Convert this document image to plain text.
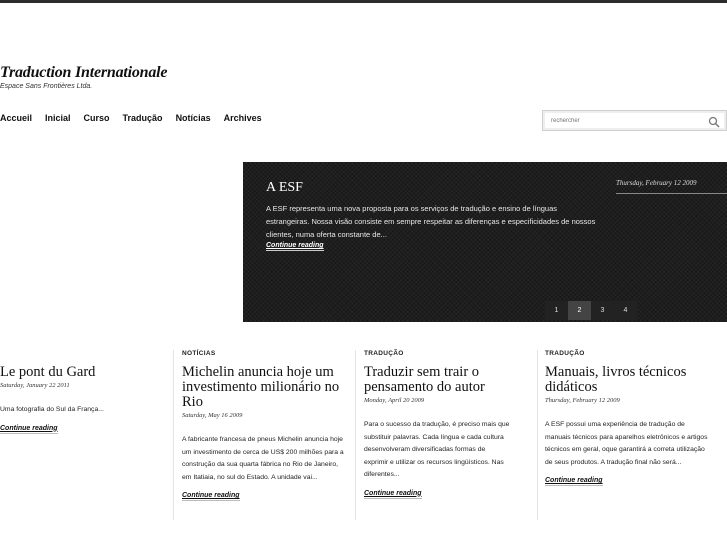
Traduction Internationale
Espace Sans Frontières Ltda.
Accueil Inicial Curso Tradução Notícias Archives
rechercher
A ESF	Thursday, February 12 2009
A ESF representa uma nova proposta para os serviços de tradução e ensino de línguas estrangeiras. Nossa visão consiste em sempre respeitar as diferenças e especificidades de nossos clientes, numa oferta constante de...
Continue reading
1	2	3	4
Le pont du Gard
Saturday, January 22 2011
Uma fotografia do Sul da França...
Continue reading
NOTÍCIAS
Michelin anuncia hoje um investimento milionário no Rio
Saturday, May 16 2009
A fabricante francesa de pneus Michelin anuncia hoje um investimento de cerca de US$ 200 milhões para a construção da sua quarta fábrica no Rio de Janeiro, em Itatiaia, no sul do Estado. A unidade vai...
Continue reading
TRADUÇÃO
Traduzir sem trair o pensamento do autor
Monday, April 20 2009
Para o sucesso da tradução, é preciso mais que substituir palavras. Cada língua e cada cultura desenvolveram diversificadas formas de exprimir e utilizar os recursos lingüísticos. Nas diferentes...
Continue reading
TRADUÇÃO
Manuais, livros técnicos didáticos
Thursday, February 12 2009
A ESF possui uma experiência de tradução de manuais técnicos para aparelhos eletrônicos e artigos técnicos em geral, oque garantirá a correta utilização de seus produtos. A tradução final não será...
Continue reading
